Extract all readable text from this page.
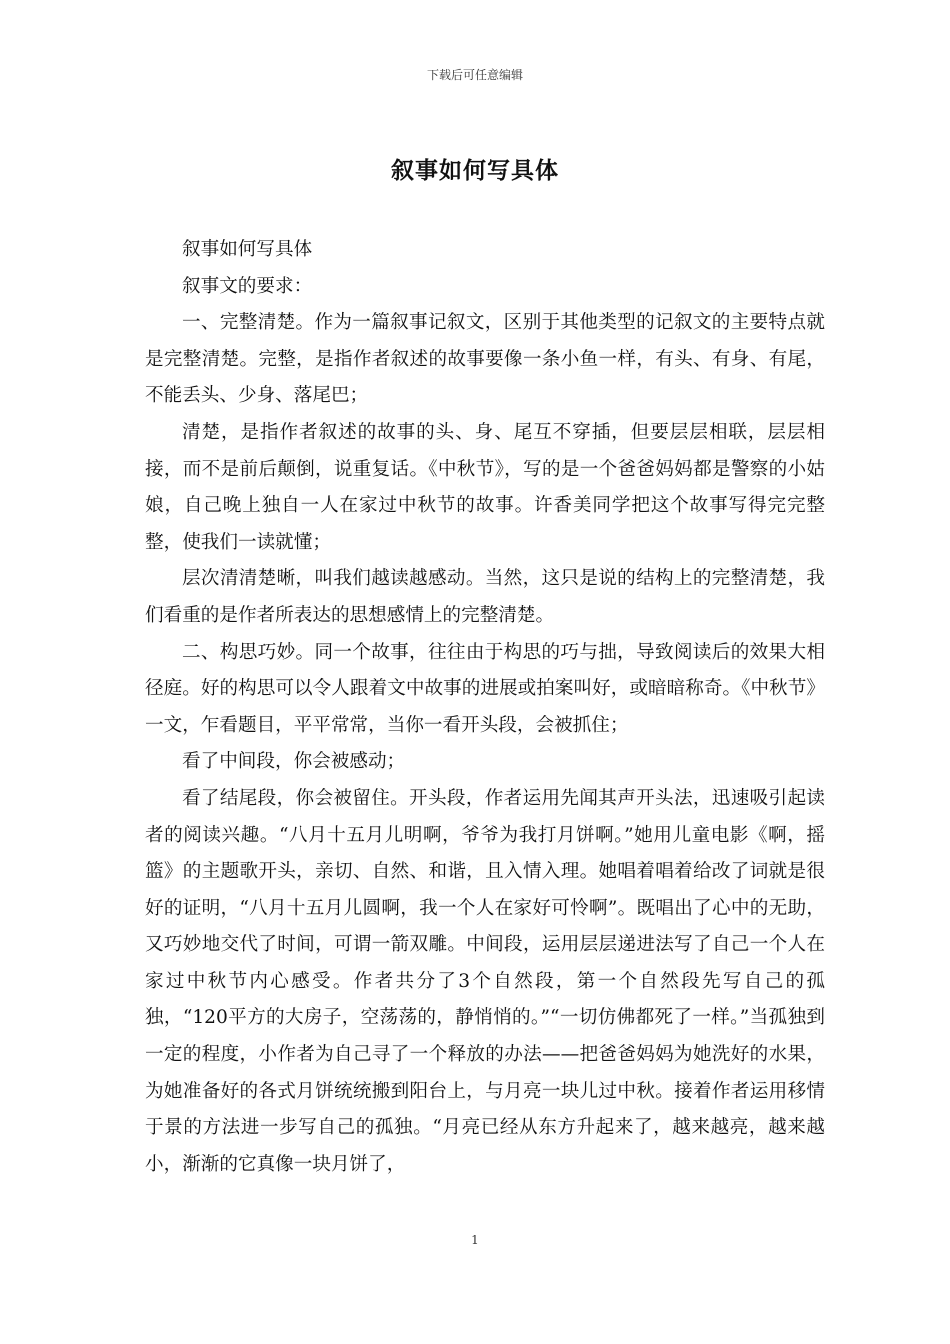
下载后可任意编辑
叙事如何写具体

叙事如何写具体

叙事文的要求：

一、完整清楚。作为一篇叙事记叙文，区别于其他类型的记叙文的主要特点就是完整清楚。完整，是指作者叙述的故事要像一条小鱼一样，有头、有身、有尾，不能丢头、少身、落尾巴；

清楚，是指作者叙述的故事的头、身、尾互不穿插，但要层层相联，层层相接，而不是前后颠倒，说重复话。《中秋节》，写的是一个爸爸妈妈都是警察的小姑娘，自己晚上独自一人在家过中秋节的故事。许香美同学把这个故事写得完完整整，使我们一读就懂；

层次清清楚晰，叫我们越读越感动。当然，这只是说的结构上的完整清楚，我们看重的是作者所表达的思想感情上的完整清楚。

二、构思巧妙。同一个故事，往往由于构思的巧与拙，导致阅读后的效果大相径庭。好的构思可以令人跟着文中故事的进展或拍案叫好，或暗暗称奇。《中秋节》一文，乍看题目，平平常常，当你一看开头段，会被抓住；

看了中间段，你会被感动；

看了结尾段，你会被留住。开头段，作者运用先闻其声开头法，迅速吸引起读者的阅读兴趣。“八月十五月儿明啊，爷爷为我打月饼啊。”她用儿童电影《啊，摇篮》的主题歌开头，亲切、自然、和谐，且入情入理。她唱着唱着给改了词就是很好的证明，“八月十五月儿圆啊，我一个人在家好可怜啊”。既唱出了心中的无助，又巧妙地交代了时间，可谓一箭双雕。中间段，运用层层递进法写了自己一个人在家过中秋节内心感受。作者共分了3个自然段，第一个自然段先写自己的孤独，“120平方的大房子，空荡荡的，静悄悄的。”“一切仿佛都死了一样。”当孤独到一定的程度，小作者为自己寻了一个释放的办法——把爸爸妈妈为她洗好的水果，为她准备好的各式月饼统统搬到阳台上，与月亮一块儿过中秋。接着作者运用移情于景的方法进一步写自己的孤独。“月亮已经从东方升起来了，越来越亮，越来越小，渐渐的它真像一块月饼了，

1
